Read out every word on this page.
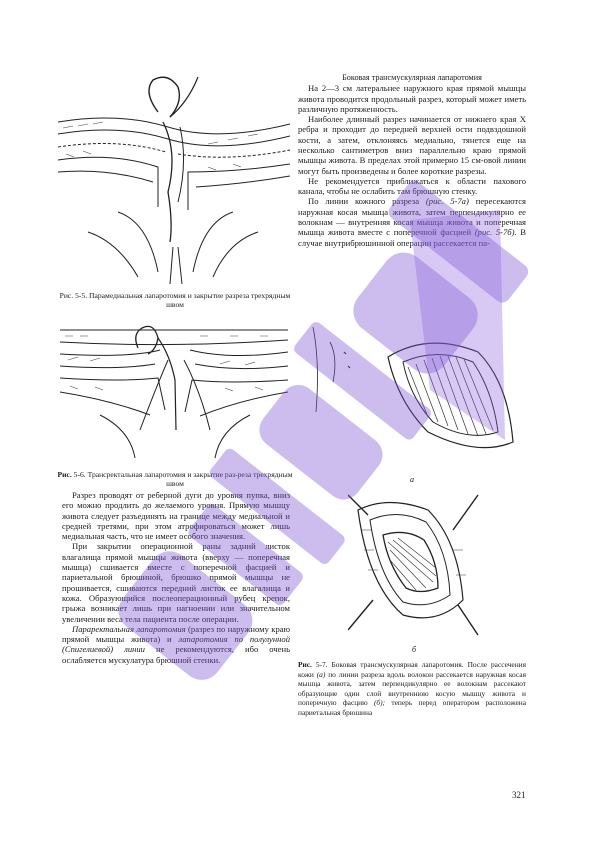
Рис. 5-5. Парамедиальная лапаротомия и закрытие разреза трехрядным швом
Боковая трансмускулярная лапаротомия

На 2—3 см латеральнее наружного края прямой мышцы живота проводится продольный разрез, который может иметь различную протяженность.

Наиболее длинный разрез начинается от нижнего края X ребра и проходит до передней верхней ости подвздошной кости, а затем, отклоняясь медиально, тянется еще на несколько сантиметров вниз параллельно краю прямой мышцы живота. В пределах этой примерно 15 см-овой линии могут быть произведены и более короткие разрезы.

Не рекомендуется приближаться к области пахового канала, чтобы не ослабить там брюшную стенку.

По линии кожного разреза (рис. 5-7а) пересекаются наружная косая мышца живота, затем перпендикулярно ее волокнам — внутренняя косая мышца живота и поперечная мышца живота вместе с поперечной фасцией (рис. 5-7б). В случае внутрибрюшинной операции рассекается па-

Рис. 5-6. Трансректальная лапаротомия и закрытие раз-реза трехрядным швом

Разрез проводят от реберной дуги до уровня пупка, вниз его можно продлить до желаемого уровня. Прямую мышцу живота следует разъединять на границе между медиальной и средней третями, при этом атрофироваться может лишь медиальная часть, что не имеет особого значения.

При закрытии операционной раны задний листок влагалища прямой мышцы живота (вверху — поперечная мышца) сшивается вместе с поперечной фасцией и париетальной брюшиной, брюшко прямой мышцы не прошивается, сшиваются передний листок ее влагалища и кожа. Образующийся послеоперационный рубец крепок, грыжа возникает лишь при нагноении или значительном увеличении веса тела пациента после операции.

Параректальная лапаротомия (разрез по наружному краю прямой мышцы живота) и лапаротомия по полулунной (Спигелиевой) линии не рекомендуются, ибо очень ослабляется мускулатура брюшной стенки.

а
б
Рис. 5-7. Боковая трансмускулярная лапаротомия. После рассечения кожи (а) по линии разреза вдоль волокон рассекается наружная косая мышца живота, затем перпендикулярно ее волокнам рассекают образующие один слой внутреннюю косую мышцу живота и поперечную фасцию (б); теперь перед оператором расположена париетальная брюшина
321
